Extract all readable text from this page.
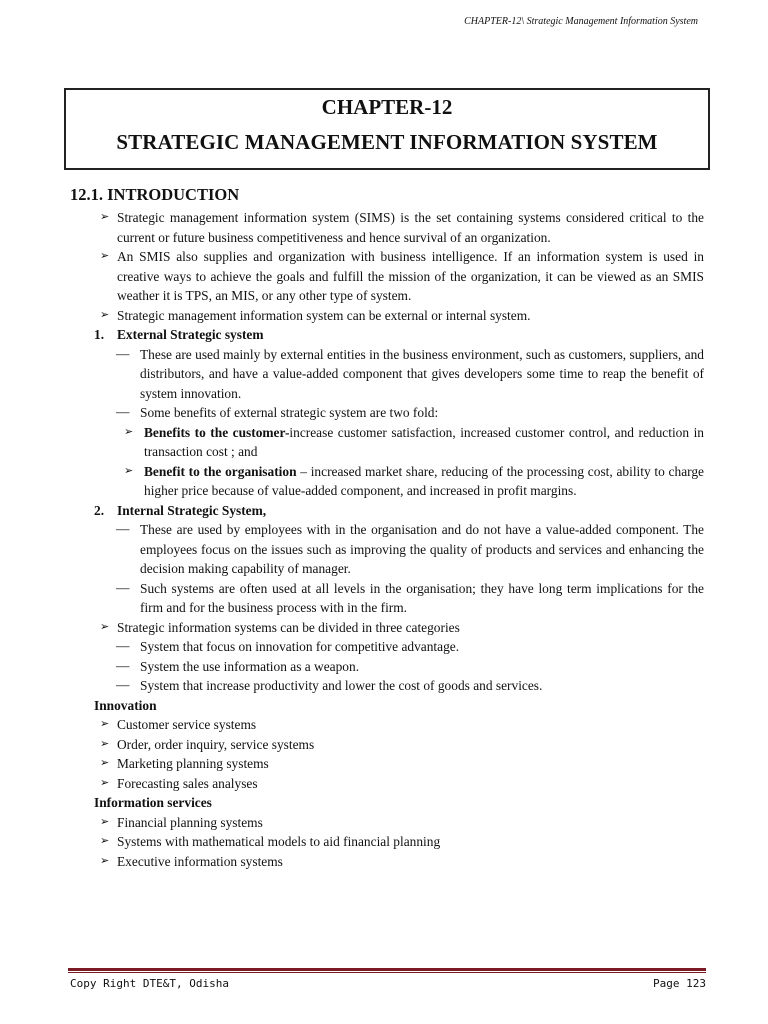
CHAPTER-12\ Strategic Management Information System
CHAPTER-12
STRATEGIC MANAGEMENT INFORMATION SYSTEM

12.1. INTRODUCTION

➢ Strategic management information system (SIMS) is the set containing systems considered critical to the current or future business competitiveness and hence survival of an organization.

➢ An SMIS also supplies and organization with business intelligence. If an information system is used in creative ways to achieve the goals and fulfill the mission of the organization, it can be viewed as an SMIS weather it is TPS, an MIS, or any other type of system.

➢ Strategic management information system can be external or internal system.

1. External Strategic system

— These are used mainly by external entities in the business environment, such as customers, suppliers, and distributors, and have a value-added component that gives developers some time to reap the benefit of system innovation.

— Some benefits of external strategic system are two fold:

➢ Benefits to the customer-increase customer satisfaction, increased customer control, and reduction in transaction cost ; and

➢ Benefit to the organisation – increased market share, reducing of the processing cost, ability to charge higher price because of value-added component, and increased in profit margins.

2. Internal Strategic System,

— These are used by employees with in the organisation and do not have a value-added component. The employees focus on the issues such as improving the quality of products and services and enhancing the decision making capability of manager.

— Such systems are often used at all levels in the organisation; they have long term implications for the firm and for the business process with in the firm.

➢ Strategic information systems can be divided in three categories

— System that focus on innovation for competitive advantage.

— System the use information as a weapon.

— System that increase productivity and lower the cost of goods and services.

Innovation

➢ Customer service systems

➢ Order, order inquiry, service systems

➢ Marketing planning systems

➢ Forecasting sales analyses

Information services

➢ Financial planning systems

➢ Systems with mathematical models to aid financial planning

➢ Executive information systems

Copy Right DTE&T, Odisha	Page 123
